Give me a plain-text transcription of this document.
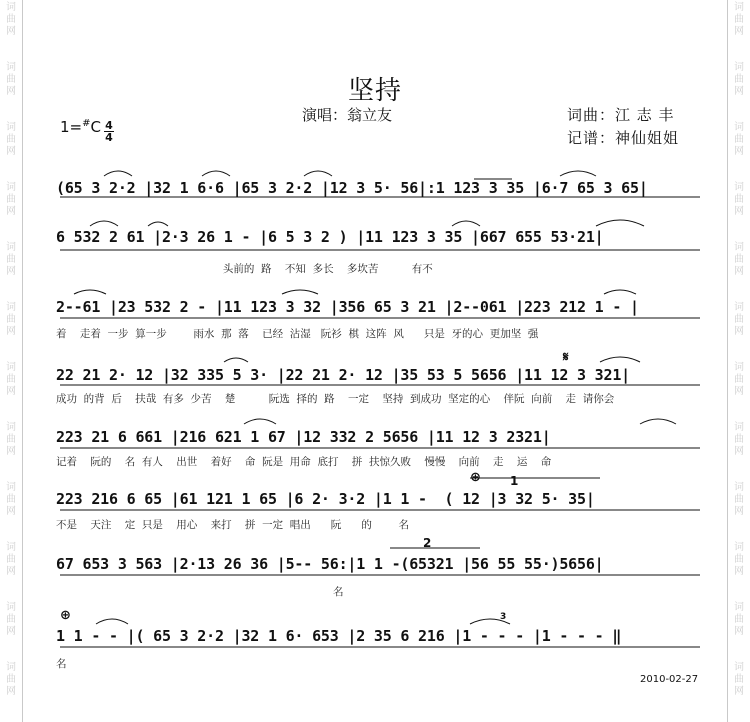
词
曲
网
词
曲
网
词
曲
网
词
曲
网
词
曲
网
词
曲
网
词
曲
网
词
曲
网
词
曲
网
词
曲
网
词
曲
网
词
曲
网
词
曲
网
词
曲
网
词
曲
网
词
曲
网
词
曲
网
词
曲
网
词
曲
网
词
曲
网
词
曲
网
词
曲
网
词
曲
网
词
曲
网
坚持
演唱：翁立友	词曲：江 志 丰
记谱：神仙姐姐
1=#C 4
4
(65 3 2·2 |32 1 6·6 |65 3 2·2 |12 3 5· 56|:1 123 3 35 |6·7 65 3 65|
6 532 2 61 |2·3 26 1 - |6 5 3 2 ) |11 123 3 35 |667 655 53·21|
头前的  路    不知  多长    多坎苦          有不
2--61 |23 532 2 - |11 123 3 32 |356 65 3 21 |2--061 |223 212 1 - |
着    走着  一步  算一步        雨水  那  落    已经  沾湿   阮衫  棋  这阵  风      只是  牙的心  更加坚  强
22 21 2· 12 |32 335 5 3· |22 21 2· 12 |35 53 5 5656 |11 12 3 321|
成功  的背  后    扶哉  有多  少苦    楚          阮选  择的  路    一定    坚持  到成功  坚定的心    伴阮  向前    走  请你会
223 21 6 661 |216 621 1 67 |12 332 2 5656 |11 12 3 2321|
记着    阮的    名  有人    出世    着好    命  阮是  用命  底打    拼  扶惊久败    慢慢    向前    走    运    命
223 216 6 65 |61 121 1 65 |6 2· 3·2 |1 1 -  ( 12 |3 32 5· 35|
不是    天注    定  只是    用心    来打    拼  一定  唱出      阮      的        名
67 653 3 563 |2·13 26 36 |5-- 56:|1 1 -(65321 |56 55 55·)5656|
名
1 1 - - |( 65 3 2·2 |32 1 6· 653 |2 35 6 216 |1 - - - |1 - - - ‖
名
𝄋
⊕
⊕
1
2
3
2010-02-27
